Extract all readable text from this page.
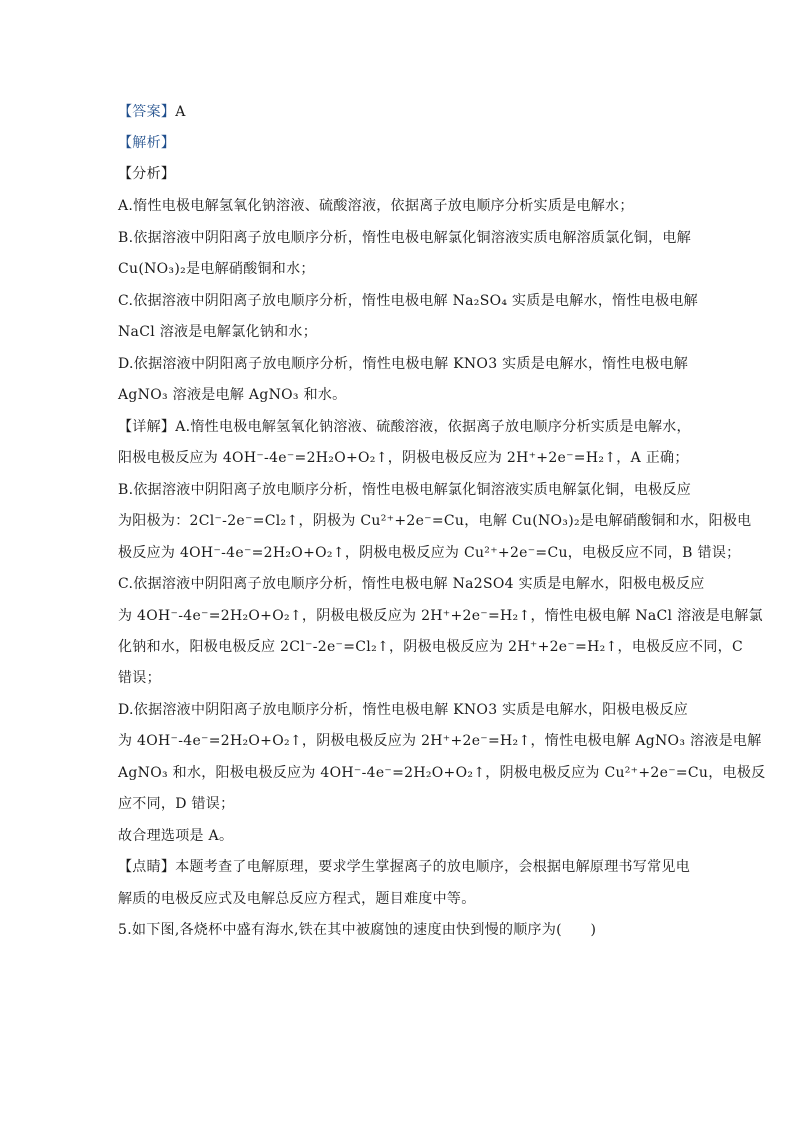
【答案】A
【解析】
【分析】
A.惰性电极电解氢氧化钠溶液、硫酸溶液，依据离子放电顺序分析实质是电解水；
B.依据溶液中阴阳离子放电顺序分析，惰性电极电解氯化铜溶液实质电解溶质氯化铜，电解
Cu(NO₃)₂是电解硝酸铜和水；
C.依据溶液中阴阳离子放电顺序分析，惰性电极电解 Na₂SO₄ 实质是电解水，惰性电极电解
NaCl 溶液是电解氯化钠和水；
D.依据溶液中阴阳离子放电顺序分析，惰性电极电解 KNO3 实质是电解水，惰性电极电解
AgNO₃ 溶液是电解 AgNO₃ 和水。
【详解】A.惰性电极电解氢氧化钠溶液、硫酸溶液，依据离子放电顺序分析实质是电解水，
阳极电极反应为 4OH⁻-4e⁻=2H₂O+O₂↑，阴极电极反应为 2H⁺+2e⁻=H₂↑，A 正确；
B.依据溶液中阴阳离子放电顺序分析，惰性电极电解氯化铜溶液实质电解氯化铜，电极反应
为阳极为：2Cl⁻-2e⁻=Cl₂↑，阴极为 Cu²⁺+2e⁻=Cu，电解 Cu(NO₃)₂是电解硝酸铜和水，阳极电
极反应为 4OH⁻-4e⁻=2H₂O+O₂↑，阴极电极反应为 Cu²⁺+2e⁻=Cu，电极反应不同，B 错误；
C.依据溶液中阴阳离子放电顺序分析，惰性电极电解 Na2SO4 实质是电解水，阳极电极反应
为 4OH⁻-4e⁻=2H₂O+O₂↑，阴极电极反应为 2H⁺+2e⁻=H₂↑，惰性电极电解 NaCl 溶液是电解氯
化钠和水，阳极电极反应 2Cl⁻-2e⁻=Cl₂↑，阴极电极反应为 2H⁺+2e⁻=H₂↑，电极反应不同，C
错误；
D.依据溶液中阴阳离子放电顺序分析，惰性电极电解 KNO3 实质是电解水，阳极电极反应
为 4OH⁻-4e⁻=2H₂O+O₂↑，阴极电极反应为 2H⁺+2e⁻=H₂↑，惰性电极电解 AgNO₃ 溶液是电解
AgNO₃ 和水，阳极电极反应为 4OH⁻-4e⁻=2H₂O+O₂↑，阴极电极反应为 Cu²⁺+2e⁻=Cu，电极反
应不同，D 错误；
故合理选项是 A。
【点睛】本题考查了电解原理，要求学生掌握离子的放电顺序，会根据电解原理书写常见电
解质的电极反应式及电解总反应方程式，题目难度中等。
5.如下图,各烧杯中盛有海水,铁在其中被腐蚀的速度由快到慢的顺序为(　　)
